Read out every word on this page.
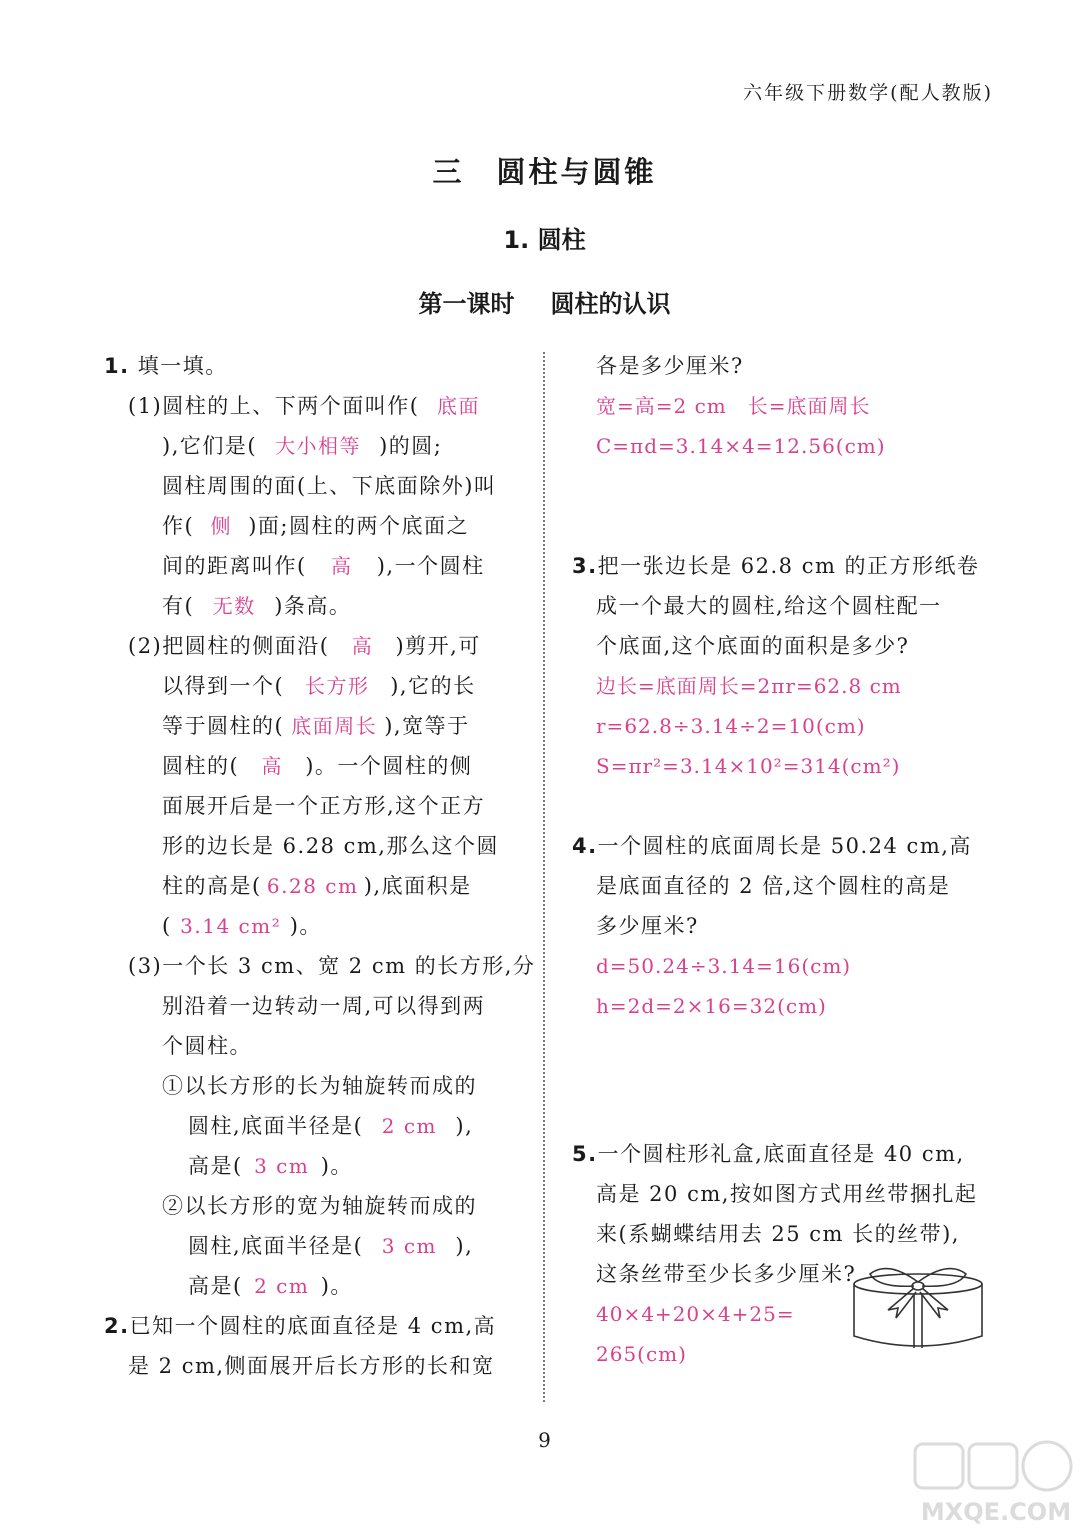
六年级下册数学(配人教版)
三　圆柱与圆锥
1. 圆柱
第一课时 圆柱的认识
1. 填一填。
(1)圆柱的上、下两个面叫作( 底面
),它们是( 大小相等 )的圆;
圆柱周围的面(上、下底面除外)叫
作( 侧 )面;圆柱的两个底面之
间的距离叫作( 高 ),一个圆柱
有( 无数 )条高。
(2)把圆柱的侧面沿( 高 )剪开,可
以得到一个( 长方形 ),它的长
等于圆柱的( 底面周长 ),宽等于
圆柱的( 高 )。一个圆柱的侧
面展开后是一个正方形,这个正方
形的边长是 6.28 cm,那么这个圆
柱的高是( 6.28 cm ),底面积是
( 3.14 cm² )。
(3)一个长 3 cm、宽 2 cm 的长方形,分
别沿着一边转动一周,可以得到两
个圆柱。
①以长方形的长为轴旋转而成的
圆柱,底面半径是( 2 cm ),
高是( 3 cm )。
②以长方形的宽为轴旋转而成的
圆柱,底面半径是( 3 cm ),
高是( 2 cm )。
2.已知一个圆柱的底面直径是 4 cm,高
是 2 cm,侧面展开后长方形的长和宽
各是多少厘米?
宽=高=2 cm　长=底面周长
C=πd=3.14×4=12.56(cm)
3.把一张边长是 62.8 cm 的正方形纸卷
成一个最大的圆柱,给这个圆柱配一
个底面,这个底面的面积是多少?
边长=底面周长=2πr=62.8 cm
r=62.8÷3.14÷2=10(cm)
S=πr²=3.14×10²=314(cm²)
4.一个圆柱的底面周长是 50.24 cm,高
是底面直径的 2 倍,这个圆柱的高是
多少厘米?
d=50.24÷3.14=16(cm)
h=2d=2×16=32(cm)
5.一个圆柱形礼盒,底面直径是 40 cm,
高是 20 cm,按如图方式用丝带捆扎起
来(系蝴蝶结用去 25 cm 长的丝带),
这条丝带至少长多少厘米?
40×4+20×4+25=
265(cm)
9
MXQE.COM
